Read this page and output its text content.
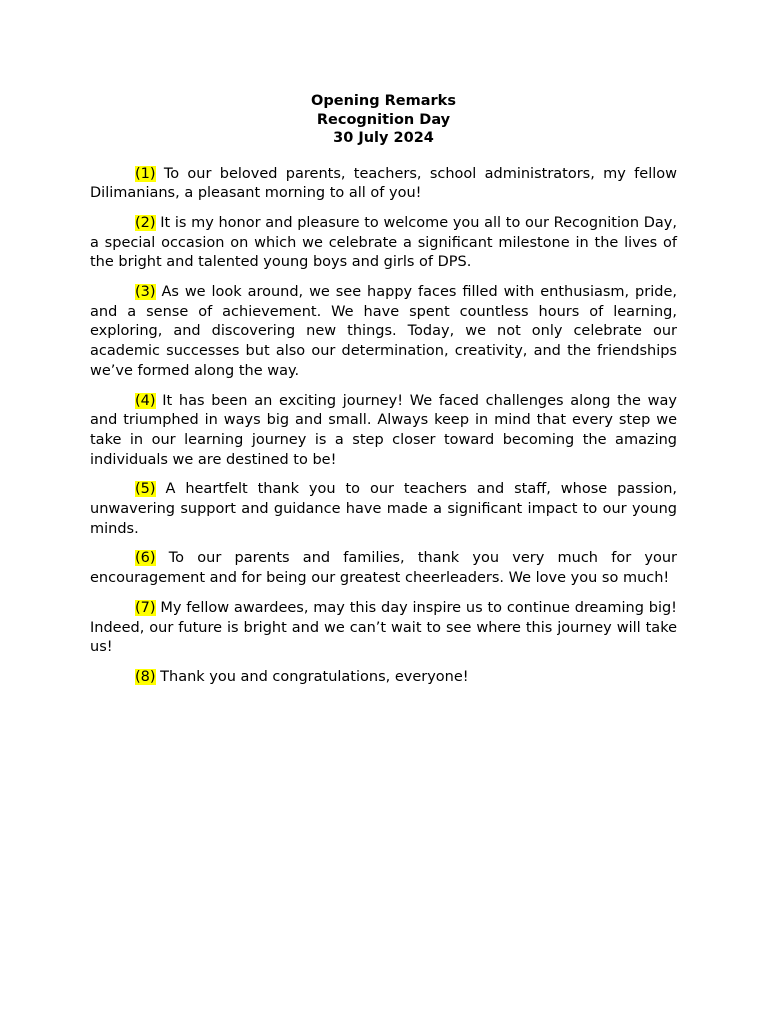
Opening Remarks
Recognition Day
30 July 2024

(1) To our beloved parents, teachers, school administrators, my fellow Dilimanians, a pleasant morning to all of you!

(2) It is my honor and pleasure to welcome you all to our Recognition Day, a special occasion on which we celebrate a significant milestone in the lives of the bright and talented young boys and girls of DPS.

(3) As we look around, we see happy faces filled with enthusiasm, pride, and a sense of achievement. We have spent countless hours of learning, exploring, and discovering new things. Today, we not only celebrate our academic successes but also our determination, creativity, and the friendships we’ve formed along the way.

(4) It has been an exciting journey! We faced challenges along the way and triumphed in ways big and small. Always keep in mind that every step we take in our learning journey is a step closer toward becoming the amazing individuals we are destined to be!

(5) A heartfelt thank you to our teachers and staff, whose passion, unwavering support and guidance have made a significant impact to our young minds.

(6) To our parents and families, thank you very much for your encouragement and for being our greatest cheerleaders. We love you so much!

(7) My fellow awardees, may this day inspire us to continue dreaming big! Indeed, our future is bright and we can’t wait to see where this journey will take us!

(8) Thank you and congratulations, everyone!
